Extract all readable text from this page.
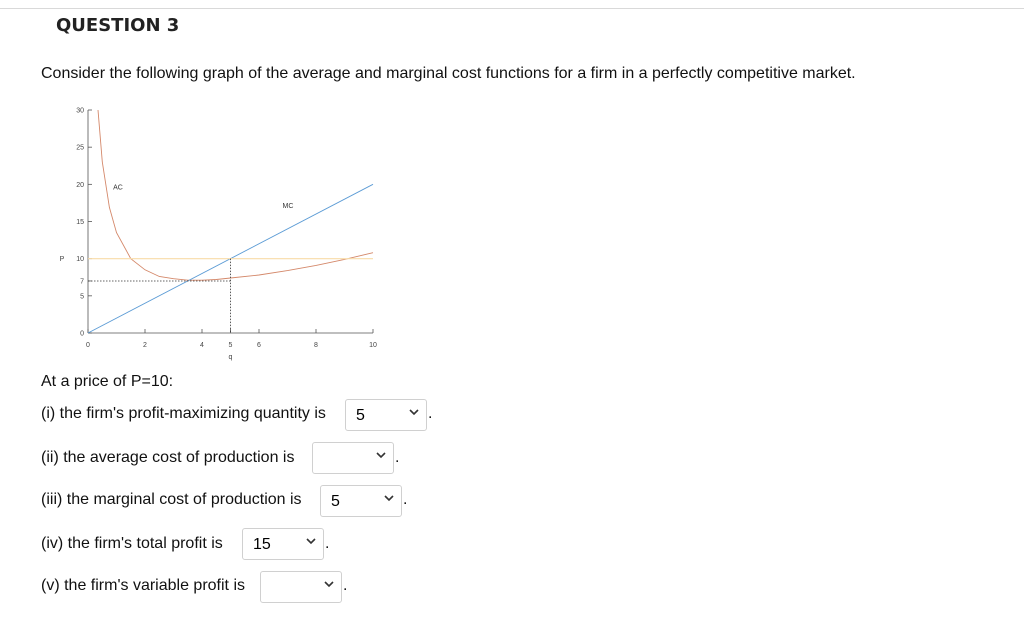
QUESTION 3
Consider the following graph of the average and marginal cost functions for a firm in a perfectly competitive market.
0	2	4	5	6	8	10
0
5
7
10
15
20
25
30
q
P
AC
MC
At a price of P=10:
(i) the firm's profit-maximizing quantity is 5	.
(ii) the average cost of production is	.
(iii) the marginal cost of production is 5	.
(iv) the firm's total profit is 15	.
(v) the firm's variable profit is	.
